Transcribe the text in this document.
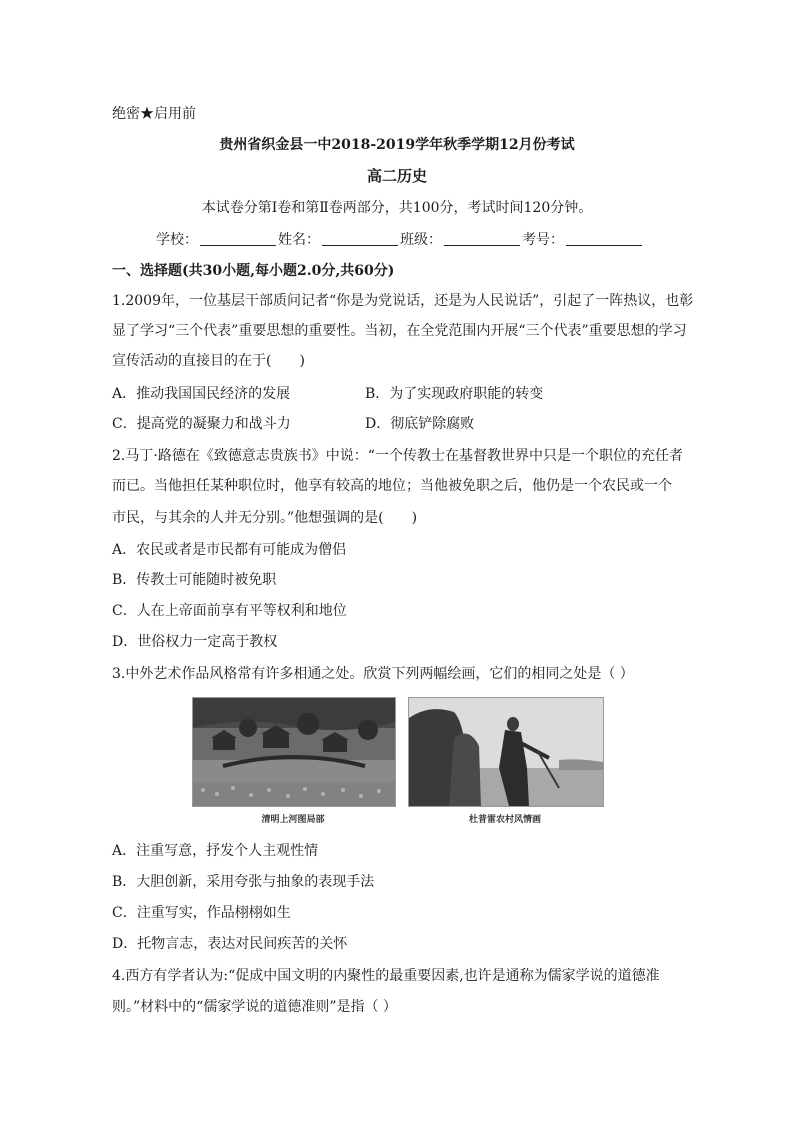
绝密★启用前
贵州省织金县一中2018-2019学年秋季学期12月份考试
高二历史
本试卷分第Ⅰ卷和第Ⅱ卷两部分，共100分，考试时间120分钟。
学校：	姓名：	班级：	考号：
一、选择题(共30小题,每小题2.0分,共60分)
1.2009年，一位基层干部质问记者“你是为党说话，还是为人民说话”，引起了一阵热议，也彰
显了学习“三个代表”重要思想的重要性。当初，在全党范围内开展“三个代表”重要思想的学习
宣传活动的直接目的在于(　　)
A．推动我国国民经济的发展	B．为了实现政府职能的转变
C．提高党的凝聚力和战斗力	D．彻底铲除腐败
2.马丁·路德在《致德意志贵族书》中说：“一个传教士在基督教世界中只是一个职位的充任者
而已。当他担任某种职位时，他享有较高的地位；当他被免职之后，他仍是一个农民或一个
市民，与其余的人并无分别。”他想强调的是(　　)
A．农民或者是市民都有可能成为僧侣
B．传教士可能随时被免职
C．人在上帝面前享有平等权利和地位
D．世俗权力一定高于教权
3.中外艺术作品风格常有许多相通之处。欣赏下列两幅绘画，它们的相同之处是（ ）
清明上河图局部	杜普雷农村风情画
A．注重写意，抒发个人主观性情
B．大胆创新，采用夸张与抽象的表现手法
C．注重写实，作品栩栩如生
D．托物言志，表达对民间疾苦的关怀
4.西方有学者认为:“促成中国文明的内聚性的最重要因素,也许是通称为儒家学说的道德准
则。”材料中的“儒家学说的道德准则”是指（ ）
